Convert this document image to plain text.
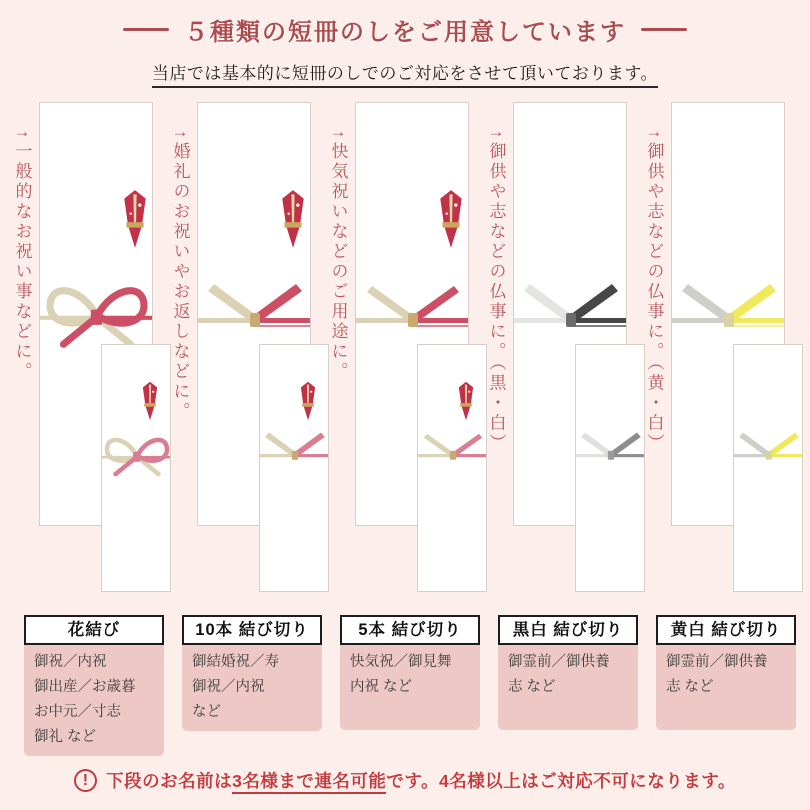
５種類の短冊のしをご用意しています
当店では基本的に短冊のしでのご対応をさせて頂いております。
→一般的なお祝い事などに。
花結び
御祝／内祝
御出産／お歳暮
お中元／寸志
御礼 など
→婚礼のお祝いやお返しなどに。
10本 結び切り
御結婚祝／寿
御祝／内祝
など
→快気祝いなどのご用途に。
5本 結び切り
快気祝／御見舞
内祝 など
→御供や志などの仏事に。（黒・白）
黒白 結び切り
御霊前／御供養
志 など
→御供や志などの仏事に。（黄・白）
黄白 結び切り
御霊前／御供養
志 など
!	下段のお名前は3名様まで連名可能です。4名様以上はご対応不可になります。
